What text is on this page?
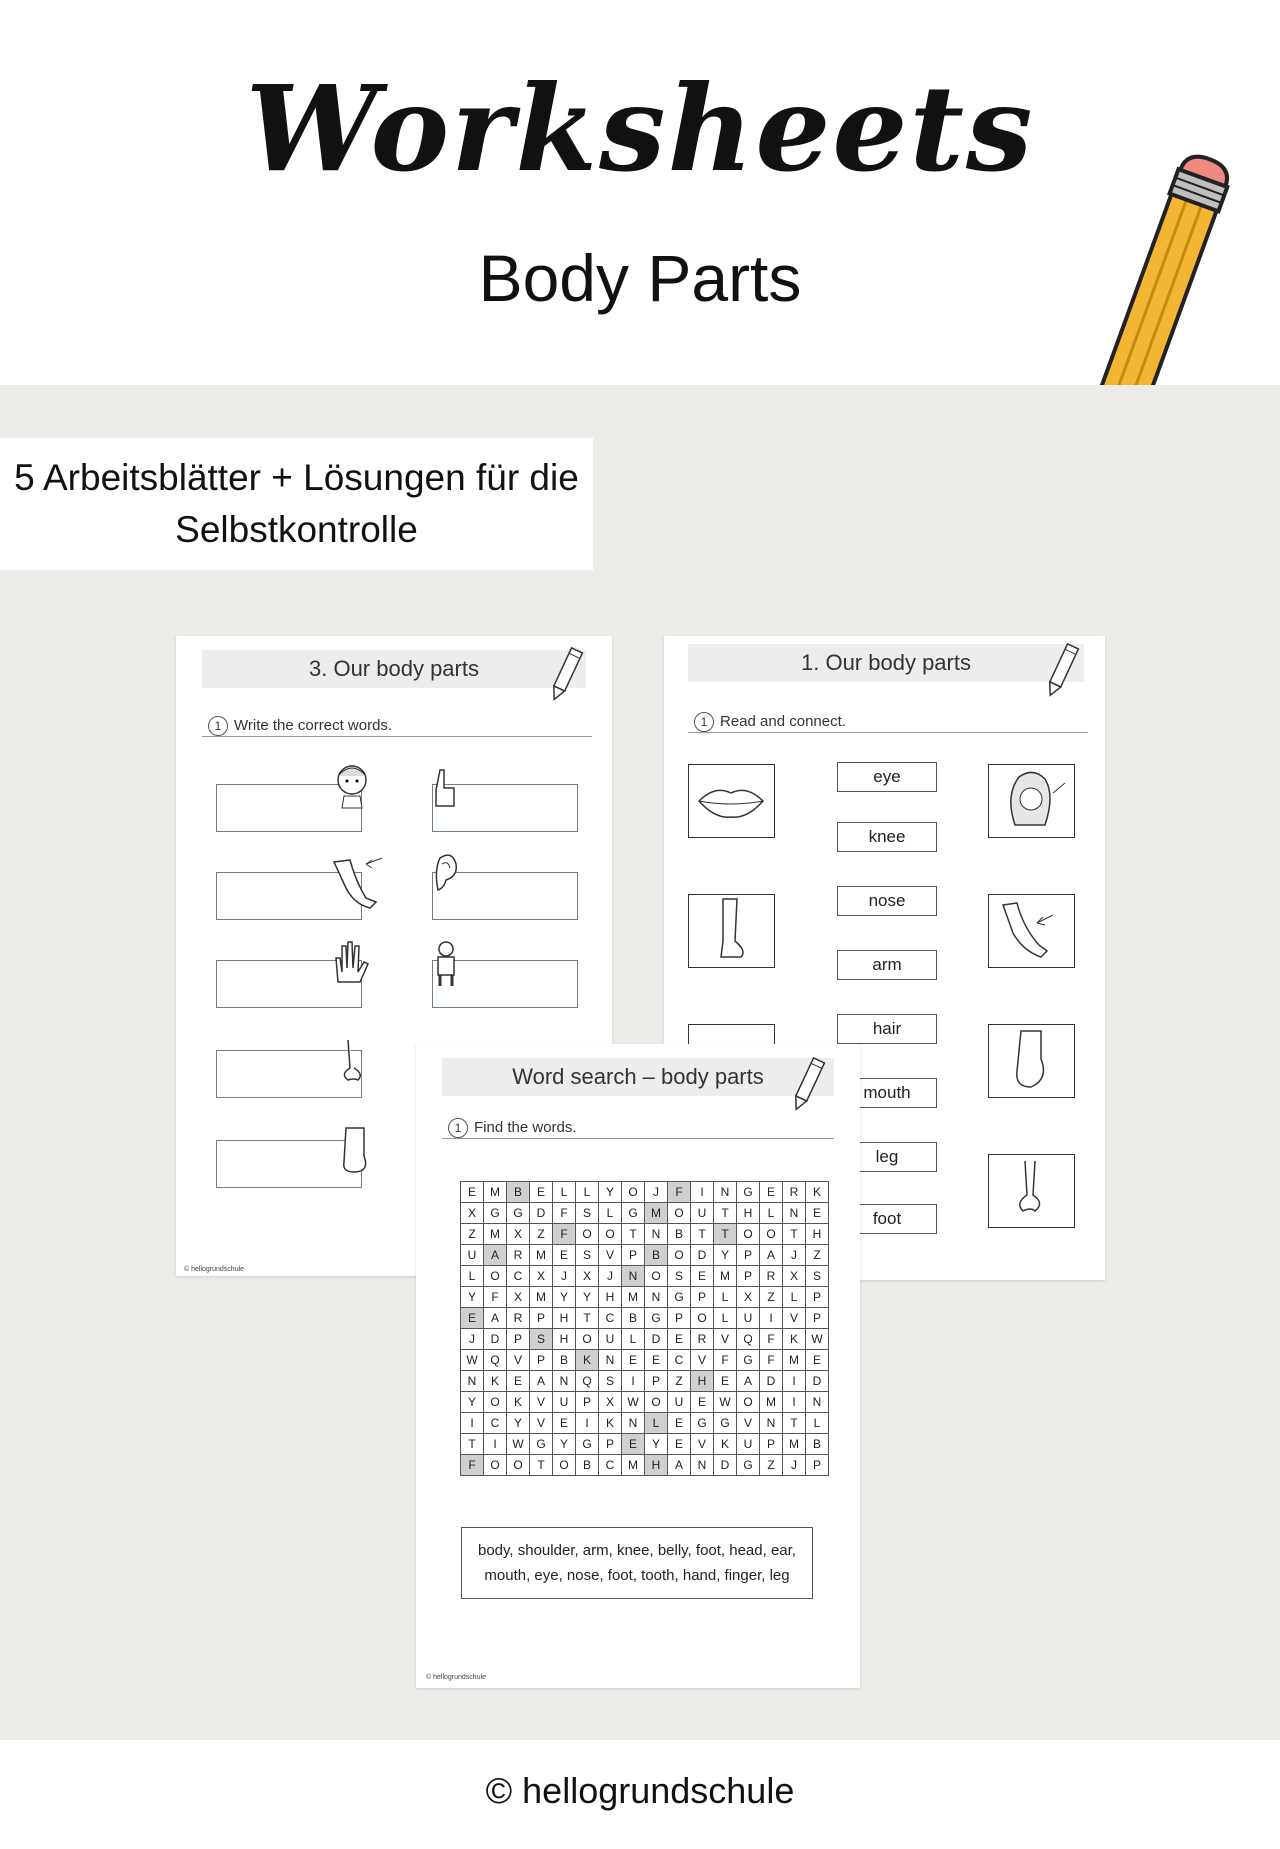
Worksheets
Body Parts
5 Arbeitsblätter + Lösungen für die
Selbstkontrolle
3. Our body parts
1 Write the correct words.
© hellogrundschule
1. Our body parts
1 Read and connect.
eye
knee
nose
arm
hair
mouth
leg
foot
Word search – body parts
1 Find the words.
© hellogrundschule
E	M	B	E	L	L	Y	O	J	F	I	N	G	E	R	K
X	G	G	D	F	S	L	G	M	O	U	T	H	L	N	E
Z	M	X	Z	F	O	O	T	N	B	T	T	O	O	T	H
U	A	R	M	E	S	V	P	B	O	D	Y	P	A	J	Z
L	O	C	X	J	X	J	N	O	S	E	M	P	R	X	S
Y	F	X	M	Y	Y	H	M	N	G	P	L	X	Z	L	P
E	A	R	P	H	T	C	B	G	P	O	L	U	I	V	P
J	D	P	S	H	O	U	L	D	E	R	V	Q	F	K	W
W	Q	V	P	B	K	N	E	E	C	V	F	G	F	M	E
N	K	E	A	N	Q	S	I	P	Z	H	E	A	D	I	D
Y	O	K	V	U	P	X	W	O	U	E	W	O	M	I	N
I	C	Y	V	E	I	K	N	L	E	G	G	V	N	T	L
T	I	W	G	Y	G	P	E	Y	E	V	K	U	P	M	B
F	O	O	T	O	B	C	M	H	A	N	D	G	Z	J	P
body, shoulder, arm, knee, belly, foot, head, ear,
mouth, eye, nose, foot, tooth, hand, finger, leg
© hellogrundschule
